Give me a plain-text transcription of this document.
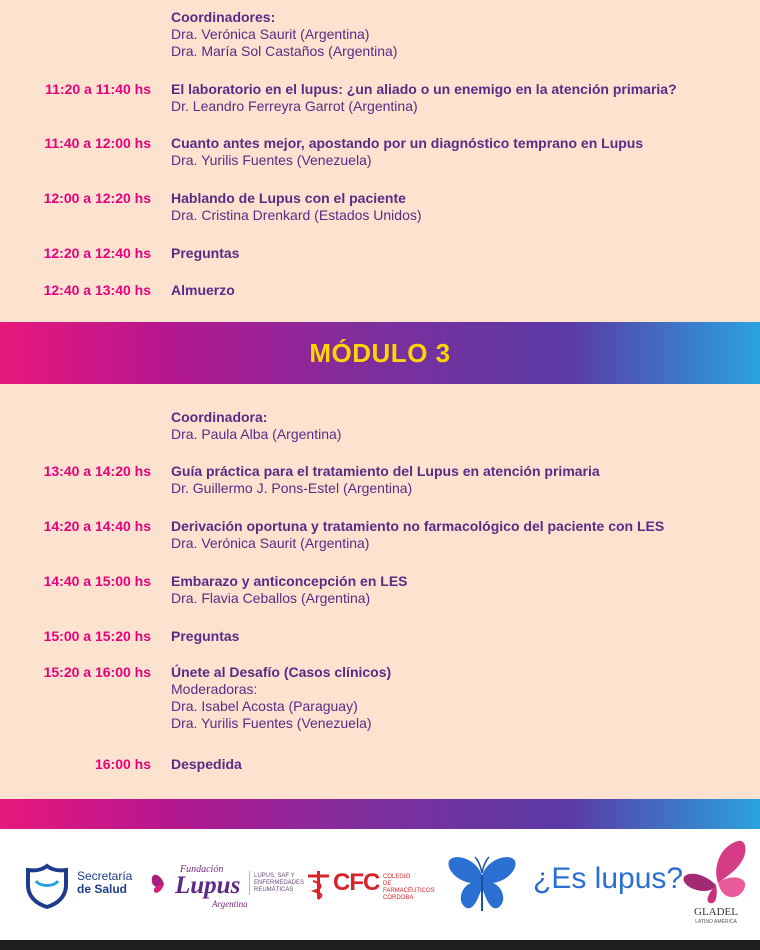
Coordinadores:
Dra. Verónica Saurit (Argentina)
Dra. María Sol Castaños (Argentina)
11:20 a 11:40 hs El laboratorio en el lupus: ¿un aliado o un enemigo en la atención primaria?
Dr. Leandro Ferreyra Garrot (Argentina)
11:40 a 12:00 hs Cuanto antes mejor, apostando por un diagnóstico temprano en Lupus
Dra. Yurilis Fuentes (Venezuela)
12:00 a 12:20 hs Hablando de Lupus con el paciente
Dra. Cristina Drenkard (Estados Unidos)
12:20 a 12:40 hs Preguntas
12:40 a 13:40 hs Almuerzo
MÓDULO 3
Coordinadora:
Dra. Paula Alba (Argentina)
13:40 a 14:20 hs Guía práctica para el tratamiento del Lupus en atención primaria
Dr. Guillermo J. Pons-Estel (Argentina)
14:20 a 14:40 hs Derivación oportuna y tratamiento no farmacológico del paciente con LES
Dra. Verónica Saurit (Argentina)
14:40 a 15:00 hs Embarazo y anticoncepción en LES
Dra. Flavia Ceballos (Argentina)
15:00 a 15:20 hs Preguntas
15:20 a 16:00 hs Únete al Desafío (Casos clínicos)
Moderadoras:
Dra. Isabel Acosta (Paraguay)
Dra. Yurilis Fuentes (Venezuela)
16:00 hs Despedida
Secretaría
de Salud
Fundación
Lupus
Argentina
LUPUS, SAF Y
ENFERMEDADES
REUMÁTICAS	CFC COLEGIO
DE FARMACÉUTICOS
CÓRDOBA
¿Es lupus?
GLADEL
LATINO AMÉRICA
